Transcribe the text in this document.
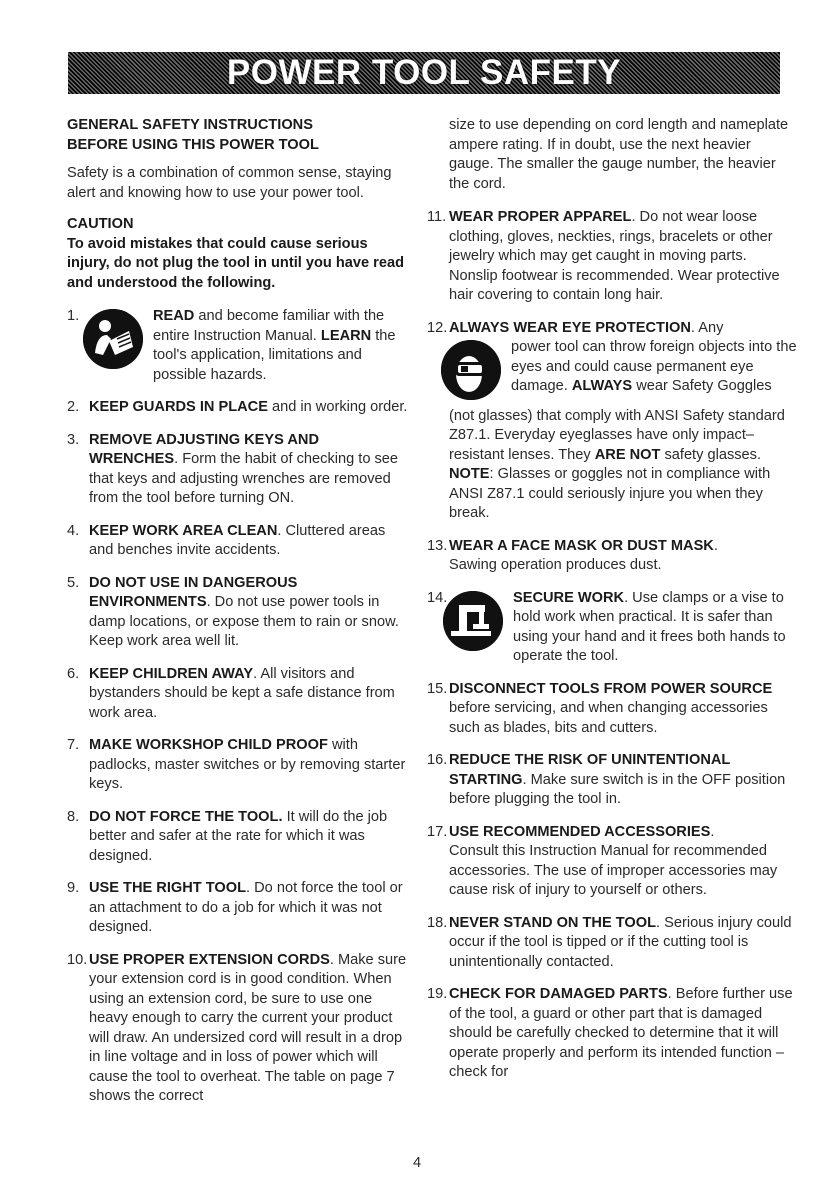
POWER TOOL SAFETY

GENERAL SAFETY INSTRUCTIONS

BEFORE USING THIS POWER TOOL

Safety is a combination of common sense, staying alert and knowing how to use your power tool.

CAUTION

To avoid mistakes that could cause serious injury, do not plug the tool in until you have read and understood the following.

1.	READ and become familiar with the entire Instruction Manual. LEARN the tool's application, limitations and possible hazards.
2. KEEP GUARDS IN PLACE and in working order.
3. REMOVE ADJUSTING KEYS AND WRENCHES. Form the habit of checking to see that keys and adjusting wrenches are removed from the tool before turning ON.
4. KEEP WORK AREA CLEAN. Cluttered areas and benches invite accidents.
5. DO NOT USE IN DANGEROUS ENVIRONMENTS. Do not use power tools in damp locations, or expose them to rain or snow. Keep work area well lit.
6. KEEP CHILDREN AWAY. All visitors and bystanders should be kept a safe distance from work area.
7. MAKE WORKSHOP CHILD PROOF with padlocks, master switches or by removing starter keys.
8. DO NOT FORCE THE TOOL. It will do the job better and safer at the rate for which it was designed.
9. USE THE RIGHT TOOL. Do not force the tool or an attachment to do a job for which it was not designed.
10. USE PROPER EXTENSION CORDS. Make sure your extension cord is in good condition. When using an extension cord, be sure to use one heavy enough to carry the current your product will draw. An undersized cord will result in a drop in line voltage and in loss of power which will cause the tool to overheat. The table on page 7 shows the correct

size to use depending on cord length and nameplate ampere rating. If in doubt, use the next heavier gauge. The smaller the gauge number, the heavier the cord.

11. WEAR PROPER APPAREL. Do not wear loose clothing, gloves, neckties, rings, bracelets or other jewelry which may get caught in moving parts. Nonslip footwear is recommended. Wear protective hair covering to contain long hair.
12. ALWAYS WEAR EYE PROTECTION. Any
power tool can throw foreign objects into the eyes and could cause permanent eye damage. ALWAYS wear Safety Goggles
(not glasses) that comply with ANSI Safety standard Z87.1. Everyday eyeglasses have only impact–resistant lenses. They ARE NOT safety glasses. NOTE: Glasses or goggles not in compliance with ANSI Z87.1 could seriously injure you when they break.
13. WEAR A FACE MASK OR DUST MASK.

Sawing operation produces dust.

14.	SECURE WORK. Use clamps or a vise to hold work when practical. It is safer than using your hand and it frees both hands to operate the tool.
15. DISCONNECT TOOLS FROM POWER SOURCE before servicing, and when changing accessories such as blades, bits and cutters.
16. REDUCE THE RISK OF UNINTENTIONAL STARTING. Make sure switch is in the OFF position before plugging the tool in.
17. USE RECOMMENDED ACCESSORIES.

Consult this Instruction Manual for recommended accessories. The use of improper accessories may cause risk of injury to yourself or others.

18. NEVER STAND ON THE TOOL. Serious injury could occur if the tool is tipped or if the cutting tool is unintentionally contacted.
19. CHECK FOR DAMAGED PARTS. Before further use of the tool, a guard or other part that is damaged should be carefully checked to determine that it will operate properly and perform its intended function – check for
4
